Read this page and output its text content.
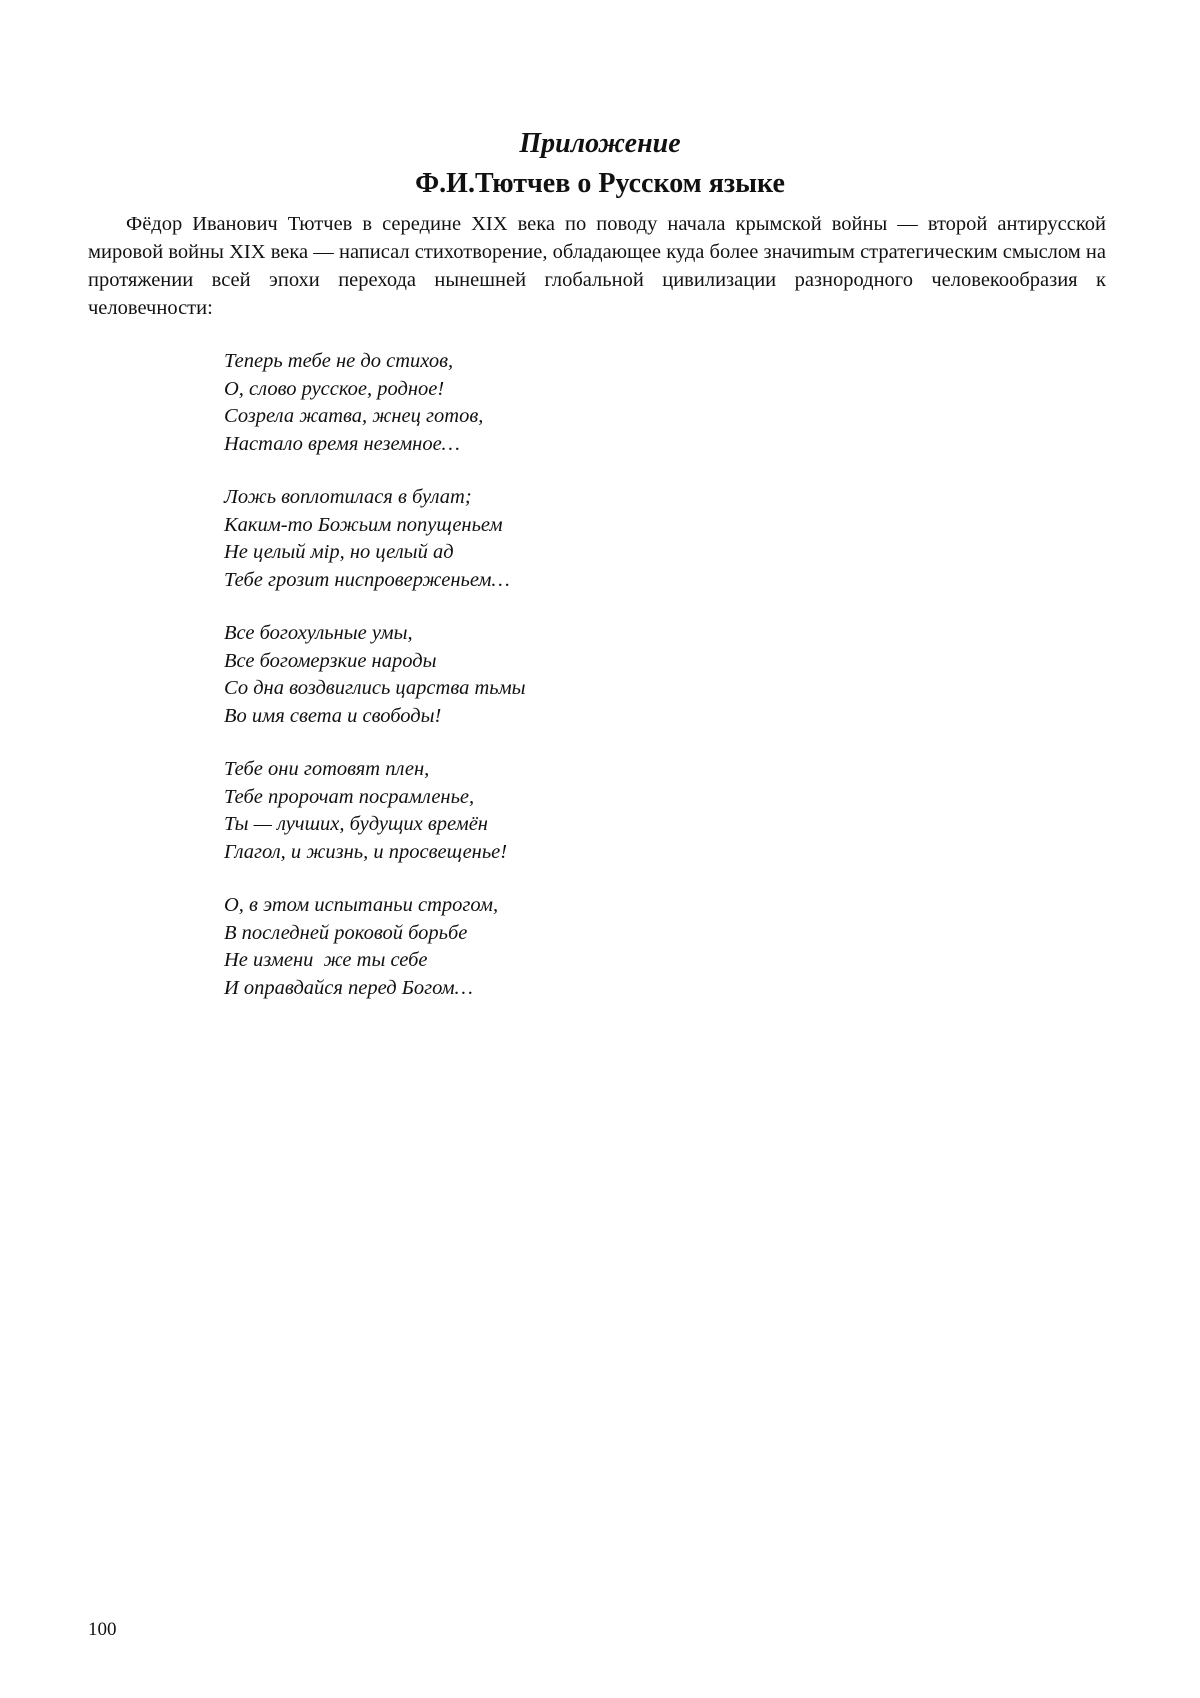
Приложение
Ф.И.Тютчев о Русском языке

Фёдор Иванович Тютчев в середине XIX века по поводу начала крымской войны — второй антирусской мировой войны XIX века — написал стихотворение, обладающее куда более значиmым стратегическим смыслом на протяжении всей эпохи перехода нынешней глобальной цивилизации разнородного человекообразия к человечности:

Теперь тебе не до стихов,
О, слово русское, родное!
Созрела жатва, жнец готов,
Настало время неземное…
Ложь воплотилася в булат;
Каким-то Божьим попущеньем
Не целый мiр, но целый ад
Тебе грозит ниспроверженьем…
Все богохульные умы,
Все богомерзкие народы
Со дна воздвиглись царства тьмы
Во имя света и свободы!
Тебе они готовят плен,
Тебе пророчат посрамленье,
Ты — лучших, будущих времён
Глагол, и жизнь, и просвещенье!
О, в этом испытаньи строгом,
В последней роковой борьбе
Не измени  же ты себе
И оправдайся перед Богом…
100
